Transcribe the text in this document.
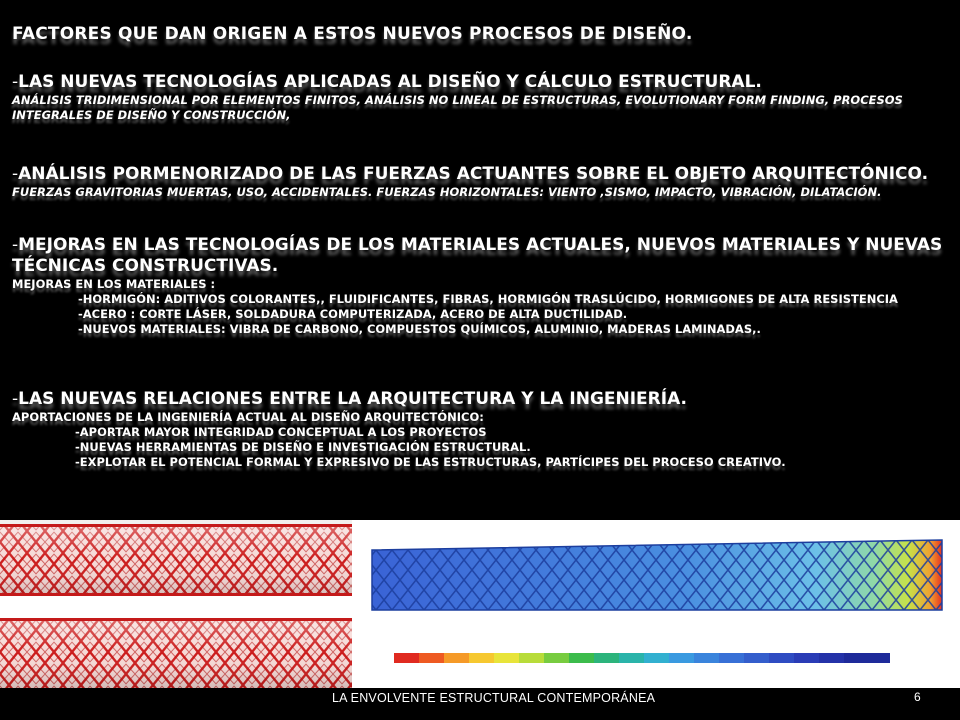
FACTORES QUE DAN ORIGEN A ESTOS NUEVOS PROCESOS DE DISEÑO.
-LAS NUEVAS TECNOLOGÍAS APLICADAS AL DISEÑO Y CÁLCULO ESTRUCTURAL.
ANÁLISIS TRIDIMENSIONAL POR ELEMENTOS FINITOS, ANÁLISIS NO LINEAL DE ESTRUCTURAS, EVOLUTIONARY FORM FINDING, PROCESOS
INTEGRALES DE DISEÑO Y CONSTRUCCIÓN,
-ANÁLISIS PORMENORIZADO DE LAS FUERZAS ACTUANTES SOBRE EL OBJETO ARQUITECTÓNICO.
FUERZAS GRAVITORIAS MUERTAS, USO, ACCIDENTALES. FUERZAS HORIZONTALES: VIENTO ,SISMO, IMPACTO, VIBRACIÓN, DILATACIÓN.
-MEJORAS EN LAS TECNOLOGÍAS DE LOS MATERIALES ACTUALES, NUEVOS MATERIALES Y NUEVAS
TÉCNICAS CONSTRUCTIVAS.
MEJORAS EN LOS MATERIALES :
-HORMIGÓN: ADITIVOS COLORANTES,, FLUIDIFICANTES, FIBRAS, HORMIGÓN TRASLÚCIDO, HORMIGONES DE ALTA RESISTENCIA
-ACERO : CORTE LÁSER, SOLDADURA COMPUTERIZADA, ACERO DE ALTA DUCTILIDAD.
-NUEVOS MATERIALES: VIBRA DE CARBONO, COMPUESTOS QUÍMICOS, ALUMINIO, MADERAS LAMINADAS,.
-LAS NUEVAS RELACIONES ENTRE LA ARQUITECTURA Y LA INGENIERÍA.
APORTACIONES DE LA INGENIERÍA ACTUAL AL DISEÑO ARQUITECTÓNICO:
-APORTAR MAYOR INTEGRIDAD CONCEPTUAL A LOS PROYECTOS
-NUEVAS HERRAMIENTAS DE DISEÑO E INVESTIGACIÓN ESTRUCTURAL.
-EXPLOTAR EL POTENCIAL FORMAL Y EXPRESIVO DE LAS ESTRUCTURAS, PARTÍCIPES DEL PROCESO CREATIVO.
LA ENVOLVENTE ESTRUCTURAL CONTEMPORÁNEA	6
